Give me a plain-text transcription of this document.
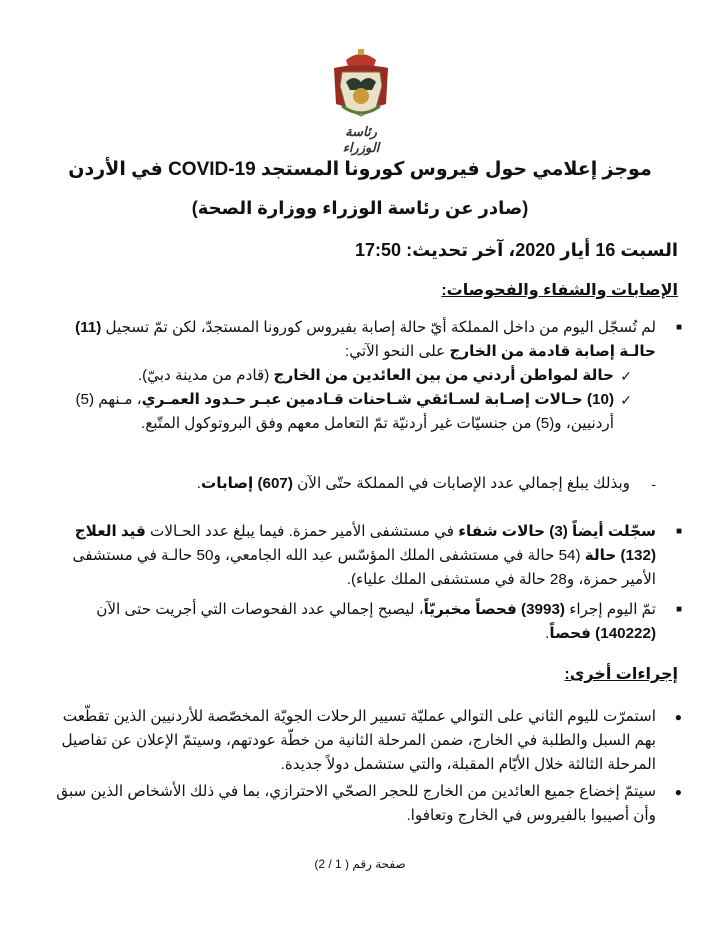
رئاسة الوزراء
موجز إعلامي حول فيروس كورونا المستجد COVID-19 في الأردن
(صادر عن رئاسة الوزراء ووزارة الصحة)
السبت 16 أيار 2020، آخر تحديث: 17:50
الإصابات والشفاء والفحوصات:
■
لم تُسجّل اليوم من داخل المملكة أيّ حالة إصابة بفيروس كورونا المستجدّ، لكن تمّ تسجيل (11) حالـة إصابة قادمة من الخارج على النحو الآتي:
✓
حالة لمواطن أردني من بين العائدين من الخارج (قادم من مدينة دبيّ).
✓
(10) حـالات إصـابة لسـائقي شـاحنات قـادمين عبـر حـدود العمـري، مـنهم (5) أردنيين، و(5) من جنسيّات غير أردنيّة تمّ التعامل معهم وفق البروتوكول المتّبع.
-
وبذلك يبلغ إجمالي عدد الإصابات في المملكة حتّى الآن (607) إصابات.
■
سجّلت أيضاً (3) حالات شفاء في مستشفى الأمير حمزة. فيما يبلغ عدد الحـالات قيد العلاج (132) حالة (54 حالة في مستشفى الملك المؤسّس عبد الله الجامعي، و50 حالـة في مستشفى الأمير حمزة، و28 حالة في مستشفى الملك علياء).
■
تمّ اليوم إجراء (3993) فحصاً مخبريّاً، ليصبح إجمالي عدد الفحوصات التي أجريت حتى الآن (140222) فحصاً.
إجراءات أخرى:
●
استمرّت لليوم الثاني على التوالي عمليّة تسيير الرحلات الجويّة المخصّصة للأردنيين الذين تقطّعت بهم السبل والطلبة في الخارج، ضمن المرحلة الثانية من خطّة عودتهم، وسيتمّ الإعلان عن تفاصيل المرحلة الثالثة خلال الأيّام المقبلة، والتي ستشمل دولاً جديدة.
●
سيتمّ إخضاع جميع العائدين من الخارج للحجر الصحّي الاحترازي، بما في ذلك الأشخاص الذين سبق وأن أصيبوا بالفيروس في الخارج وتعافوا.
صفحة رقم ( 1 / 2)
